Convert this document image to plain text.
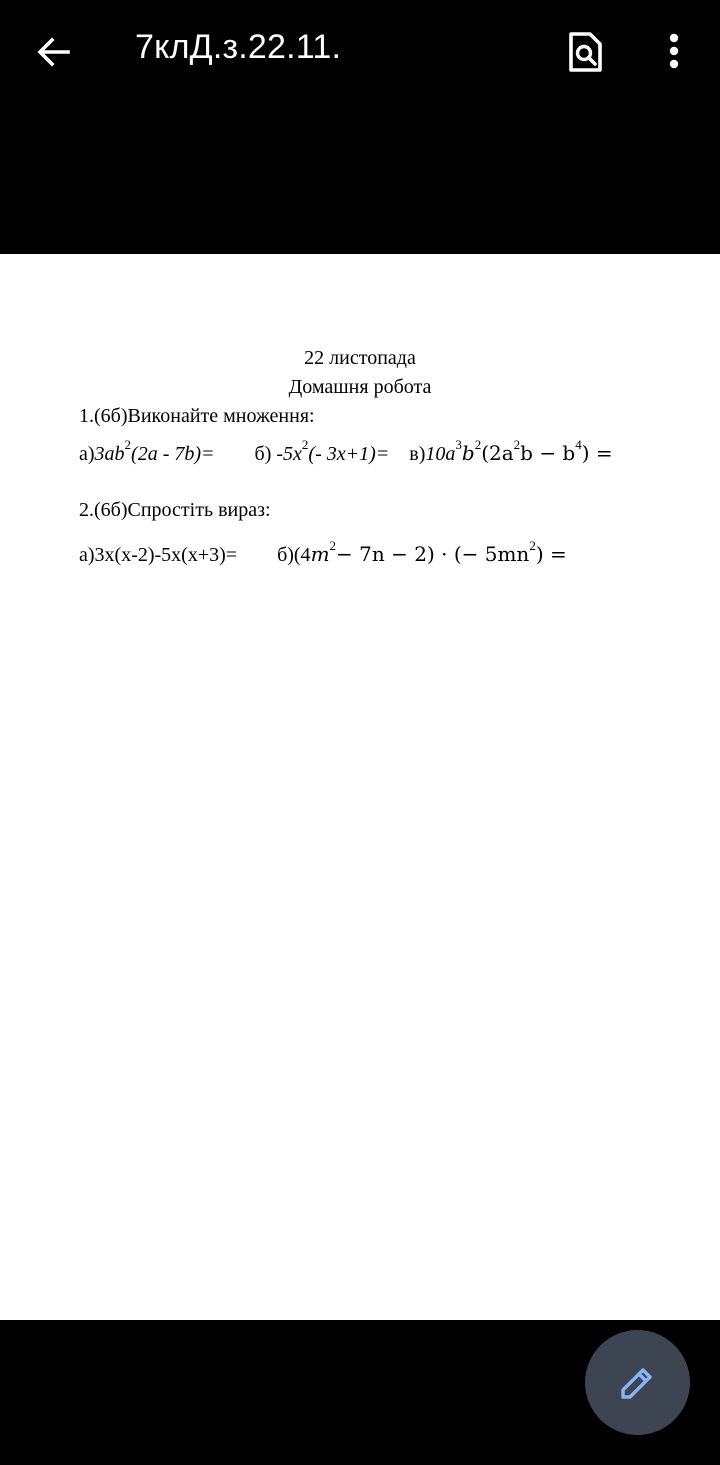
7клД.з.22.11.
22 листопада
Домашня робота
1.(6б)Виконайте множення:
$а)3ab^2(2a - 7b)= б$) $-5x^2(-$ $3x+1)= в)10a^3b^2(2a^2b - b^4)$ =
2.(6б)Спростіть вираз:
$а)3x(x-2)-5x(x+3)= б)(4m^2- 7n - 2)$ · (− $5mn^2$) =
